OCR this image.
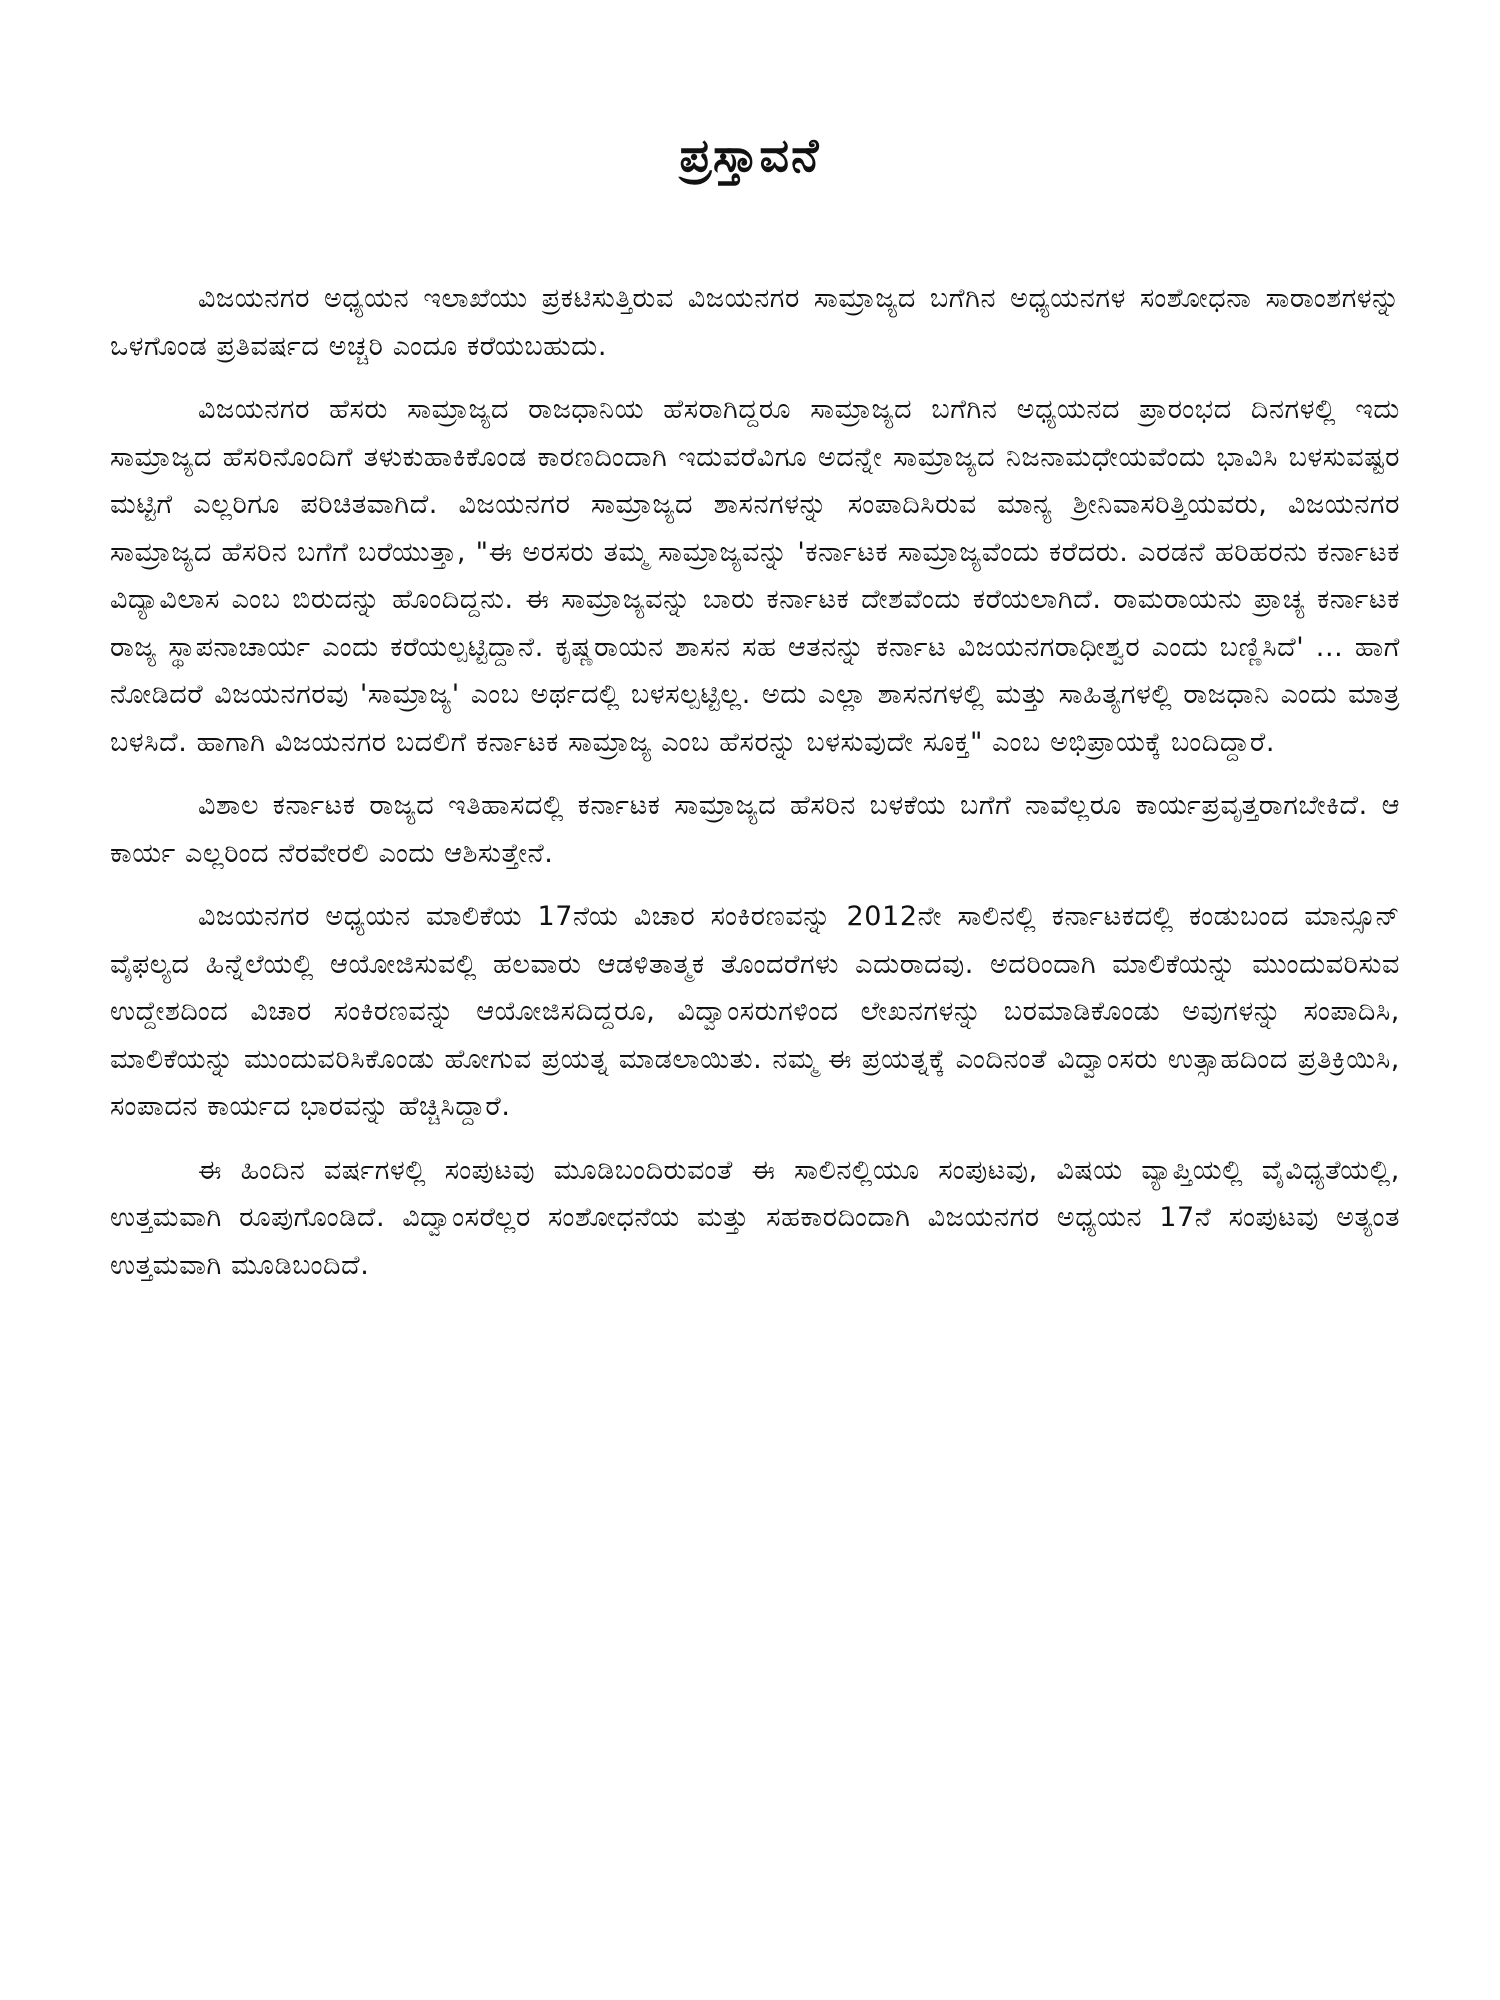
ಪ್ರಸ್ತಾವನೆ

ವಿಜಯನಗರ ಅಧ್ಯಯನ ಇಲಾಖೆಯು ಪ್ರಕಟಿಸುತ್ತಿರುವ ವಿಜಯನಗರ ಸಾಮ್ರಾಜ್ಯದ ಬಗೆಗಿನ ಅಧ್ಯಯನಗಳ ಸಂಶೋಧನಾ ಸಾರಾಂಶಗಳನ್ನು ಒಳಗೊಂಡ ಪ್ರತಿವರ್ಷದ ಅಚ್ಚರಿ ಎಂದೂ ಕರೆಯಬಹುದು.

ವಿಜಯನಗರ ಹೆಸರು ಸಾಮ್ರಾಜ್ಯದ ರಾಜಧಾನಿಯ ಹೆಸರಾಗಿದ್ದರೂ ಸಾಮ್ರಾಜ್ಯದ ಬಗೆಗಿನ ಅಧ್ಯಯನದ ಪ್ರಾರಂಭದ ದಿನಗಳಲ್ಲಿ ಇದು ಸಾಮ್ರಾಜ್ಯದ ಹೆಸರಿನೊಂದಿಗೆ ತಳುಕುಹಾಕಿಕೊಂಡ ಕಾರಣದಿಂದಾಗಿ ಇದುವರೆವಿಗೂ ಅದನ್ನೇ ಸಾಮ್ರಾಜ್ಯದ ನಿಜನಾಮಧೇಯವೆಂದು ಭಾವಿಸಿ ಬಳಸುವಷ್ಟರ ಮಟ್ಟಿಗೆ ಎಲ್ಲರಿಗೂ ಪರಿಚಿತವಾಗಿದೆ. ವಿಜಯನಗರ ಸಾಮ್ರಾಜ್ಯದ ಶಾಸನಗಳನ್ನು ಸಂಪಾದಿಸಿರುವ ಮಾನ್ಯ ಶ್ರೀನಿವಾಸರಿತ್ತಿಯವರು, ವಿಜಯನಗರ ಸಾಮ್ರಾಜ್ಯದ ಹೆಸರಿನ ಬಗೆಗೆ ಬರೆಯುತ್ತಾ, "ಈ ಅರಸರು ತಮ್ಮ ಸಾಮ್ರಾಜ್ಯವನ್ನು 'ಕರ್ನಾಟಕ ಸಾಮ್ರಾಜ್ಯವೆಂದು ಕರೆದರು. ಎರಡನೆ ಹರಿಹರನು ಕರ್ನಾಟಕ ವಿದ್ಯಾವಿಲಾಸ ಎಂಬ ಬಿರುದನ್ನು ಹೊಂದಿದ್ದನು. ಈ ಸಾಮ್ರಾಜ್ಯವನ್ನು ಬಾರು ಕರ್ನಾಟಕ ದೇಶವೆಂದು ಕರೆಯಲಾಗಿದೆ. ರಾಮರಾಯನು ಪ್ರಾಚ್ಯ ಕರ್ನಾಟಕ ರಾಜ್ಯ ಸ್ಥಾಪನಾಚಾರ್ಯ ಎಂದು ಕರೆಯಲ್ಪಟ್ಟಿದ್ದಾನೆ. ಕೃಷ್ಣರಾಯನ ಶಾಸನ ಸಹ ಆತನನ್ನು ಕರ್ನಾಟ ವಿಜಯನಗರಾಧೀಶ್ವರ ಎಂದು ಬಣ್ಣಿಸಿದೆ' ... ಹಾಗೆ ನೋಡಿದರೆ ವಿಜಯನಗರವು 'ಸಾಮ್ರಾಜ್ಯ' ಎಂಬ ಅರ್ಥದಲ್ಲಿ ಬಳಸಲ್ಪಟ್ಟಿಲ್ಲ. ಅದು ಎಲ್ಲಾ ಶಾಸನಗಳಲ್ಲಿ ಮತ್ತು ಸಾಹಿತ್ಯಗಳಲ್ಲಿ ರಾಜಧಾನಿ ಎಂದು ಮಾತ್ರ ಬಳಸಿದೆ. ಹಾಗಾಗಿ ವಿಜಯನಗರ ಬದಲಿಗೆ ಕರ್ನಾಟಕ ಸಾಮ್ರಾಜ್ಯ ಎಂಬ ಹೆಸರನ್ನು ಬಳಸುವುದೇ ಸೂಕ್ತ" ಎಂಬ ಅಭಿಪ್ರಾಯಕ್ಕೆ ಬಂದಿದ್ದಾರೆ.

ವಿಶಾಲ ಕರ್ನಾಟಕ ರಾಜ್ಯದ ಇತಿಹಾಸದಲ್ಲಿ ಕರ್ನಾಟಕ ಸಾಮ್ರಾಜ್ಯದ ಹೆಸರಿನ ಬಳಕೆಯ ಬಗೆಗೆ ನಾವೆಲ್ಲರೂ ಕಾರ್ಯಪ್ರವೃತ್ತರಾಗಬೇಕಿದೆ. ಆ ಕಾರ್ಯ ಎಲ್ಲರಿಂದ ನೆರವೇರಲಿ ಎಂದು ಆಶಿಸುತ್ತೇನೆ.

ವಿಜಯನಗರ ಅಧ್ಯಯನ ಮಾಲಿಕೆಯ 17ನೆಯ ವಿಚಾರ ಸಂಕಿರಣವನ್ನು 2012ನೇ ಸಾಲಿನಲ್ಲಿ ಕರ್ನಾಟಕದಲ್ಲಿ ಕಂಡುಬಂದ ಮಾನ್ಸೂನ್ ವೈಫಲ್ಯದ ಹಿನ್ನೆಲೆಯಲ್ಲಿ ಆಯೋಜಿಸುವಲ್ಲಿ ಹಲವಾರು ಆಡಳಿತಾತ್ಮಕ ತೊಂದರೆಗಳು ಎದುರಾದವು. ಅದರಿಂದಾಗಿ ಮಾಲಿಕೆಯನ್ನು ಮುಂದುವರಿಸುವ ಉದ್ದೇಶದಿಂದ ವಿಚಾರ ಸಂಕಿರಣವನ್ನು ಆಯೋಜಿಸದಿದ್ದರೂ, ವಿದ್ವಾಂಸರುಗಳಿಂದ ಲೇಖನಗಳನ್ನು ಬರಮಾಡಿಕೊಂಡು ಅವುಗಳನ್ನು ಸಂಪಾದಿಸಿ, ಮಾಲಿಕೆಯನ್ನು ಮುಂದುವರಿಸಿಕೊಂಡು ಹೋಗುವ ಪ್ರಯತ್ನ ಮಾಡಲಾಯಿತು. ನಮ್ಮ ಈ ಪ್ರಯತ್ನಕ್ಕೆ ಎಂದಿನಂತೆ ವಿದ್ವಾಂಸರು ಉತ್ಸಾಹದಿಂದ ಪ್ರತಿಕ್ರಿಯಿಸಿ, ಸಂಪಾದನ ಕಾರ್ಯದ ಭಾರವನ್ನು ಹೆಚ್ಚಿಸಿದ್ದಾರೆ.

ಈ ಹಿಂದಿನ ವರ್ಷಗಳಲ್ಲಿ ಸಂಪುಟವು ಮೂಡಿಬಂದಿರುವಂತೆ ಈ ಸಾಲಿನಲ್ಲಿಯೂ ಸಂಪುಟವು, ವಿಷಯ ವ್ಯಾಪ್ತಿಯಲ್ಲಿ ವೈವಿಧ್ಯತೆಯಲ್ಲಿ, ಉತ್ತಮವಾಗಿ ರೂಪುಗೊಂಡಿದೆ. ವಿದ್ವಾಂಸರೆಲ್ಲರ ಸಂಶೋಧನೆಯ ಮತ್ತು ಸಹಕಾರದಿಂದಾಗಿ ವಿಜಯನಗರ ಅಧ್ಯಯನ 17ನೆ ಸಂಪುಟವು ಅತ್ಯಂತ ಉತ್ತಮವಾಗಿ ಮೂಡಿಬಂದಿದೆ.
